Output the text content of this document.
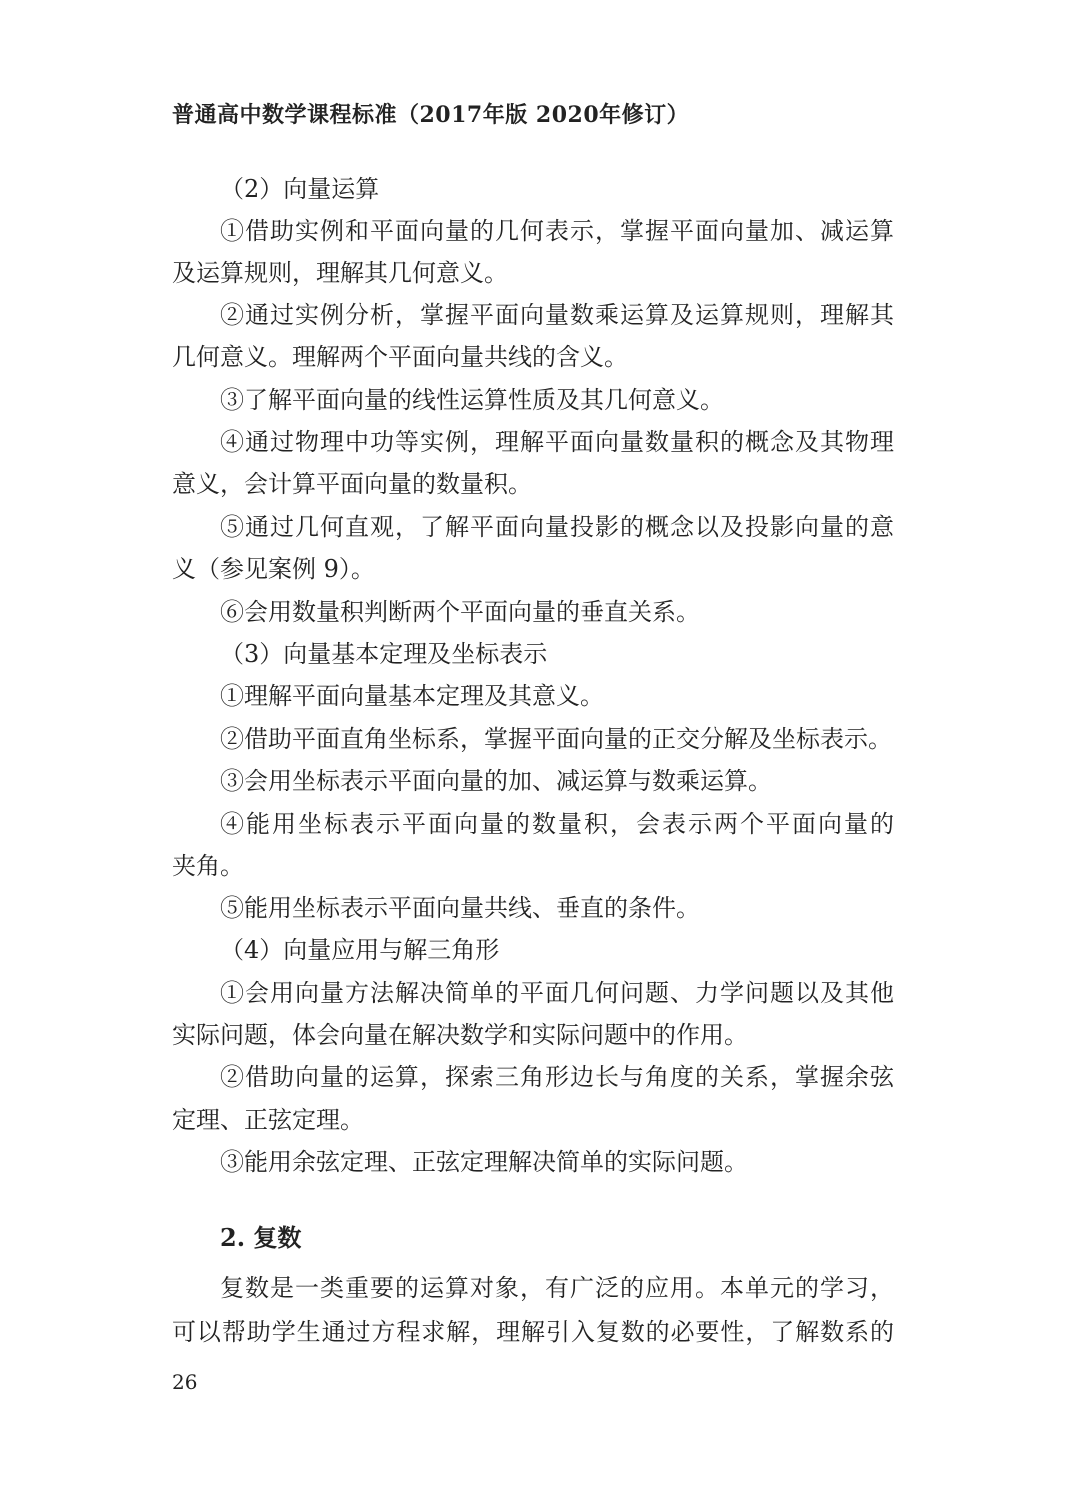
普通高中数学课程标准（2017年版 2020年修订）
（2）向量运算
①借助实例和平面向量的几何表示，掌握平面向量加、减运算
及运算规则，理解其几何意义。
②通过实例分析，掌握平面向量数乘运算及运算规则，理解其
几何意义。理解两个平面向量共线的含义。
③了解平面向量的线性运算性质及其几何意义。
④通过物理中功等实例，理解平面向量数量积的概念及其物理
意义，会计算平面向量的数量积。
⑤通过几何直观，了解平面向量投影的概念以及投影向量的意
义（参见案例 9）。
⑥会用数量积判断两个平面向量的垂直关系。
（3）向量基本定理及坐标表示
①理解平面向量基本定理及其意义。
②借助平面直角坐标系，掌握平面向量的正交分解及坐标表示。
③会用坐标表示平面向量的加、减运算与数乘运算。
④能用坐标表示平面向量的数量积，会表示两个平面向量的
夹角。
⑤能用坐标表示平面向量共线、垂直的条件。
（4）向量应用与解三角形
①会用向量方法解决简单的平面几何问题、力学问题以及其他
实际问题，体会向量在解决数学和实际问题中的作用。
②借助向量的运算，探索三角形边长与角度的关系，掌握余弦
定理、正弦定理。
③能用余弦定理、正弦定理解决简单的实际问题。
2. 复数
复数是一类重要的运算对象，有广泛的应用。本单元的学习，
可以帮助学生通过方程求解，理解引入复数的必要性，了解数系的
26
